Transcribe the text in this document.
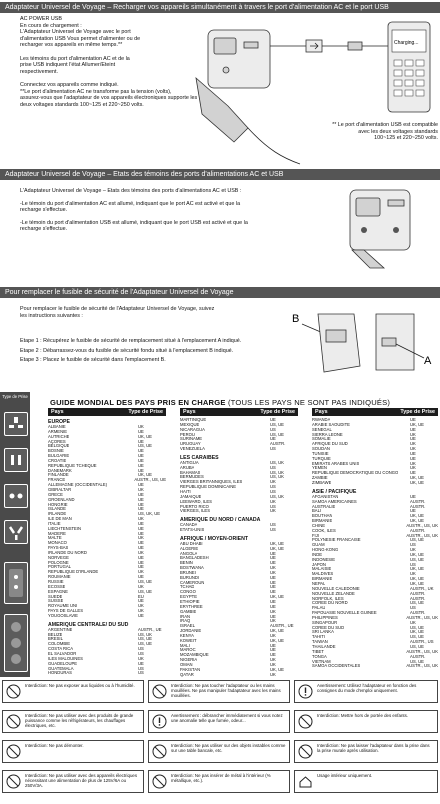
Adaptateur Universel de Voyage – Recharger vos appareils simultanément à travers le port d'alimentation AC et le port USB
AC POWER USB
En cours de chargement :
L'Adaptateur Universel de Voyage avec le port
d'alimentation USB Vous permet d'alimenter ou de
recharger vos appareils en même temps.**
Les témoins du port d'alimentation AC et de la
prise USB indiquent l'état Allumer/Eteint
respectivement.
Connectez vos appareils comme indiqué.
**Le port d'alimentation AC ne transforme pas la tension (volts),
assurez-vous que l'adaptateur de vos appareils électroniques supporte les
deux voltages standards 100~125 et 220~250 volts.
Charging...
** Le port d'alimentation USB est compatible
avec les deux voltages standards
100~125 et 220~250 volts.
Adaptateur Universel de Voyage – Etats des témoins des ports d'alimentations AC et USB

L'Adaptateur Universel de Voyage – Etats des témoins des ports d'alimentations AC et USB :

-Le témoin du port d'alimentation AC est allumé, indiquant que le port AC est activé et que la

recharge s'effectue.

-Le témoin du port d'alimentation USB est allumé, indiquant que le port USB est activé et que la

recharge s'effectue.

Pour remplacer le fusible de sécurité de l'Adaptateur Universel de Voyage
Pour remplacer le fusible de sécurité de l'Adaptateur Universel de Voyage, suivez
les instructions suivantes :	B
A
Etape 1 : Récupérez le fusible de sécurité de remplacement situé à l'emplacement A indiqué.
Etape 2 : Débarrassez-vous du fusible de sécurité fondu situé à l'emplacement B indiqué.
Etape 3 : Placez le fusible de sécurité dans l'emplacement B.
Type de Prise
GUIDE MONDIAL DES PAYS PRIS EN CHARGE (TOUS LES PAYS NE SONT PAS INDIQUÉS)
Pays	Type de Prise
EUROPE
ALBANIE	UK
ARMENIE	UE
AUTRICHE	UK, UE
AÇORES	UE
BELGIQUE	US, UE
BOSNIE	UE
BULGARIE	UE
CROATIE	UE
REPUBLIQUE TCHEQUE	UE
DANEMARK	UE
FINLANDE	UK, UE
FRANCE	AUSTR., US, UE
ALLEMAGNE (OCCIDENTALE)	UE
GIBRALTAR	UK
GRECE	UE
GROENLAND	UE
HONGRIE	UE
ISLANDE	UE
IRLANDE	US, UK, UE
ILE DE MAN	UK
ITALIE	UE
LIECHTENSTEIN	UE
MADERE	UE
MALTE	UK
MONACO	UE
PAYS-BAS	UE
IRLANDE DU NORD	UK
NORVEGE	UE
POLOGNE	UE
PORTUGAL	UE
REPUBLIQUE D'IRLANDE	UK
ROUMANIE	UE
RUSSIE	US, UE
ECOSSE	UK
ESPAGNE	US, UE
SUEDE	EU
SUISSE	UE
ROYAUME UNI	UK
PAYS DE GALLES	UK
YOUGOSLAVIE	UE
AMERIQUE CENTRALE/ DU SUD
ARGENTINE	AUSTR., UE
BELIZE	US, UK
BRESIL	US, UE
COLOMBIE	US, UE
COSTA RICA	US
EL SALVADOR	US
ILES MALOUINES	UK
GUADELOUPE	UE
GUATEMALA	US
HONDURAS	US
Pays	Type de Prise
MARTINIQUE	UE
MEXIQUE	US, UE
NICARAGUA	US
PEROU	US, UE
SURINAME	UE
URUGUAY	AUSTR.
VENEZUELA	US
LES CARAIBES
ANTIGUA	US, UK
ARUBA	US
BAHAMAS	US, UK
BERMUDES	US, UK
VIERGES BRITANNIQUES, ILES	UK
REPUBLIQUE DOMINICAINE	US
HAITI	US
JAMAIQUE	US, UK
LEEWARD, ILES	UK
PUERTO RICO	US
VIERGES, ILES	UK
AMERIQUE DU NORD / CANADA
CANADA	US
ETATS-UNIS	US
AFRIQUE / MOYEN-ORIENT
ABU DHABI	UK, UE
ALGERIE	UK, UE
ANGOLA	UE
BANGLADESH	UE
BENIN	UE
BOSTWANA	UK
BRUNEI	UK
BURUNDI	UE
CAMEROUN	UE
TCHAD	UE
CONGO	UE
EGYPTE	UK, UE
ETHIOPIE	UE
ERYTHREE	UE
GAMBIE	UK
IRAN	UE
IRAQ	UK
ISRAEL	AUSTR., UE
JORDANIE	UK, UE
KENYA	UK
KOWEIT	UK, UE
MALI	UE
MAROC	UE
MOZAMBIQUE	UE
NIGERIA	UK
OMAN	UK
PAKISTAN	UK, UE
QATAR	UK
Pays	Type de Prise
RWANDA	UE
ARABIE SAOUDITE	UK, UE
SENEGAL	UE
SIERRA LEONE	UK
SOMALIE	UE
AFRIQUE DU SUD	UK
SOUDAN	UK
TUNISIE	UE
TURQUIE	UE
EMIRATS ARABES UNIS	UK
YEMEN	UK
REPUBLIQUE DEMOCRATIQUE DU CONGO	UE
ZAMBIE	UK, UE
ZIMBAWE	UK, UE
ASIE / PACIFIQUE
AFGANISTAN	UE
SAMOA AMERICAINES	AUSTR.
AUSTRALIE	AUSTR.
BALI	UE
BOUTHAN	UK, UE
BIRMANIE	UK, UE
CHINE	AUSTR., US, UK
COOK, ILES	AUSTR.
FIJI	AUSTR., US, UK
POLYNESIE FRANCAISE	US, UE
GUAM	US
HONG-KONG	UK
INDE	UK, UE
INDONESIE	US, UE
JAPON	US
MALAISIE	UK, UE
MALDIVES	UK
BIRMANIE	UK, UE
NEPAL	UK, UE
NOUVELLE CALEDONIE	AUSTR., UK
NOUVELLE ZELANDE	AUSTR.
NORFOLK, ILES	AUSTR.
COREE DU NORD	US, UE
PALAU	US
PAPOUASIE NOUVELLE GUINEE	AUSTR.
PHILIPPINES	AUSTR., US, UK
SINGAPOUR	UK
COREE DU SUD	US, UE
SRI LANKA	UK, UE
TAHITI	US, UE
TAIWAN	AUSTR., US
THAILANDE	US, UE
TIBET	AUSTR., US, UK
TONGA	AUSTR.
VIETNAM	US, UE
SAMOA OCCIDENTALES	AUSTR., US, UK
Interdiction: Ne pas exposer aux liquides ou à l'humidité.
Interdiction: Ne pas utiliser avec des produits de grande puissance comme les réfrigérateurs, les chauffages électriques, etc.
Interdiction: Ne pas démonter.
Interdiction: Ne pas utiliser avec des appareils électriques nécessitant une alimentation de plus de 125V/6A ou 250V/3A.
Interdiction: Ne pas toucher l'adaptateur ou les mains mouillées. Ne pas manipuler l'adaptateur avec les mains mouillées.
Avertissement : débrancher immédiatement si vous notez une anomalie telle que fumée, odeur...
Interdiction: Ne pas utiliser sur des objets instables comme sur une table bancale, etc.
Interdiction: Ne pas insérer de métal à l'intérieur (% métallique, etc.).
Avertissement: Utilisez l'adaptateur en fonction des consignes du mode d'emploi uniquement.
Interdiction: Mettre hors de portée des enfants.
Interdiction: Ne pas laisser l'adaptateur dans la prise dans la prise murale après utilisation.
Usage intérieur uniquement.
